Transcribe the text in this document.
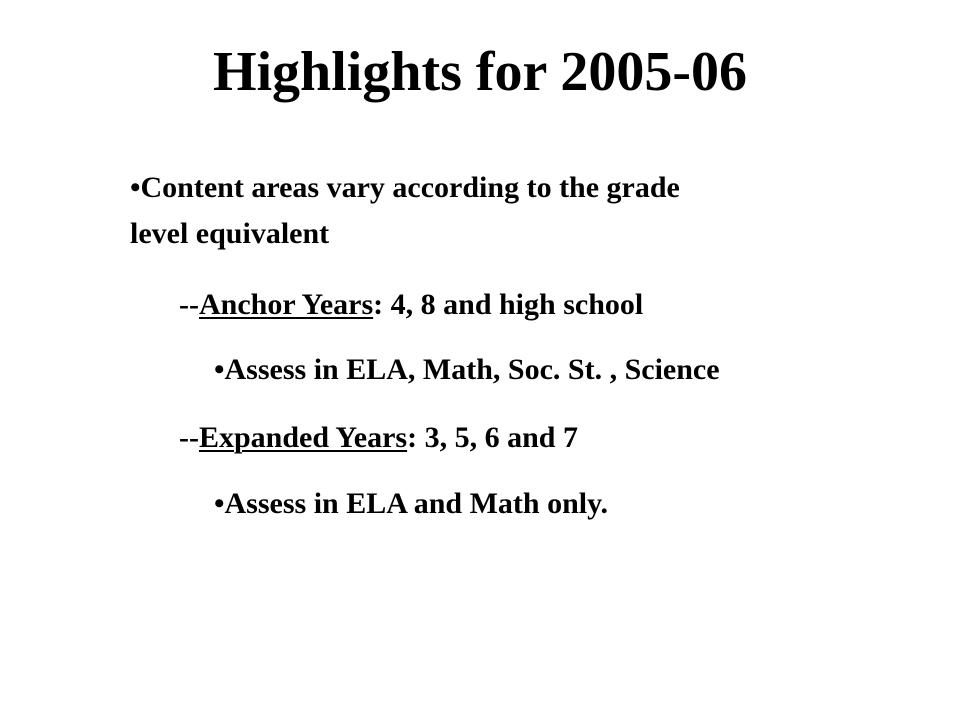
Highlights for 2005-06
•Content areas vary according to the grade
level equivalent
--Anchor Years: 4, 8 and high school
•Assess in ELA, Math, Soc. St. , Science
--Expanded Years: 3, 5, 6 and 7
•Assess in ELA and Math only.
